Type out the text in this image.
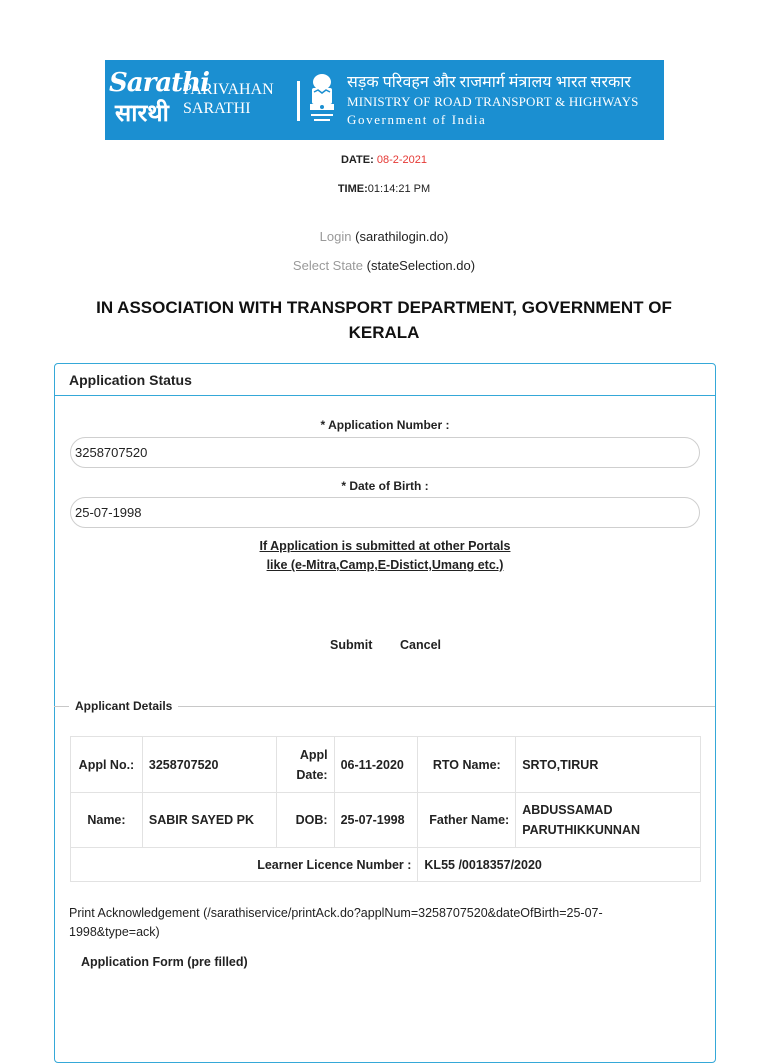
Sarathi
सारथी
PARIVAHAN
SARATHI
सड़क परिवहन और राजमार्ग मंत्रालय भारत सरकार
MINISTRY OF ROAD TRANSPORT & HIGHWAYS
Government of India
DATE: 08-2-2021
TIME:01:14:21 PM
Login (sarathilogin.do)
Select State (stateSelection.do)
IN ASSOCIATION WITH TRANSPORT DEPARTMENT, GOVERNMENT OF
KERALA
Application Status
* Application Number :
3258707520
* Date of Birth :
25-07-1998
If Application is submitted at other Portals
like (e-Mitra,Camp,E-Distict,Umang etc.)
Submit Cancel
Applicant Details
Appl No.:	3258707520	Appl Date:	06-11-2020	RTO Name:	SRTO,TIRUR
Name:	SABIR SAYED PK	DOB:	25-07-1998	Father Name:	ABDUSSAMAD PARUTHIKKUNNAN
Learner Licence Number :				KL55 /0018357/2020	
Print Acknowledgement (/sarathiservice/printAck.do?applNum=3258707520&dateOfBirth=25-07-1998&type=ack)
Application Form (pre filled)
